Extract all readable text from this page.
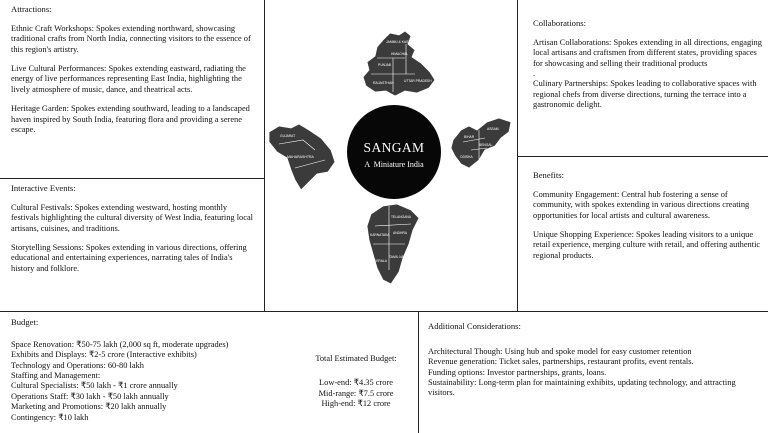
Attractions:
Ethnic Craft Workshops: Spokes extending northward, showcasing traditional crafts from North India, connecting visitors to the essence of this region's artistry.
Live Cultural Performances: Spokes extending eastward, radiating the energy of live performances representing East India, highlighting the lively atmosphere of music, dance, and theatrical acts.
Heritage Garden: Spokes extending southward, leading to a landscaped haven inspired by South India, featuring flora and providing a serene escape.
Interactive Events:
Cultural Festivals: Spokes extending westward, hosting monthly festivals highlighting the cultural diversity of West India, featuring local artisans, cuisines, and traditions.
Storytelling Sessions: Spokes extending in various directions, offering educational and entertaining experiences, narrating tales of India's history and folklore.
JAMMU & KASHMIR
HIMACHAL
PUNJAB
RAJASTHAN	UTTAR PRADESH
GUJARAT
MAHARASHTRA
ASSAM
BIHAR
ODISHA
BENGAL
TELANGANA
ANDHRA
KARNATAKA
TAMIL NADU
KERALA
SANGAM
A  Miniature India
Collaborations:
Artisan Collaborations: Spokes extending in all directions, engaging local artisans and craftsmen from different states, providing spaces for showcasing and selling their traditional products
.
Culinary Partnerships: Spokes leading to collaborative spaces with regional chefs from diverse directions, turning the terrace into a gastronomic delight.
Benefits:
Community Engagement: Central hub fostering a sense of community, with spokes extending in various directions creating opportunities for local artists and cultural awareness.
Unique Shopping Experience: Spokes leading visitors to a unique retail experience, merging culture with retail, and offering authentic regional products.
Budget:
Space Renovation: ₹50-75 lakh (2,000 sq ft, moderate upgrades)
Exhibits and Displays: ₹2-5 crore (Interactive exhibits)
Technology and Operations: 60-80 lakh
Staffing and Management:
Cultural Specialists: ₹50 lakh - ₹1 crore annually
Operations Staff: ₹30 lakh - ₹50 lakh annually
Marketing and Promotions: ₹20 lakh annually
Contingency: ₹10 lakh
Total Estimated Budget:
Low-end: ₹4.35 crore
Mid-range: ₹7.5 crore
High-end: ₹12 crore
Additional Considerations:
Architectural Though: Using hub and spoke model for easy customer retention
Revenue generation: Ticket sales, partnerships, restaurant profits, event rentals.
Funding options: Investor partnerships, grants, loans.
Sustainability: Long-term plan for maintaining exhibits, updating technology, and attracting visitors.
